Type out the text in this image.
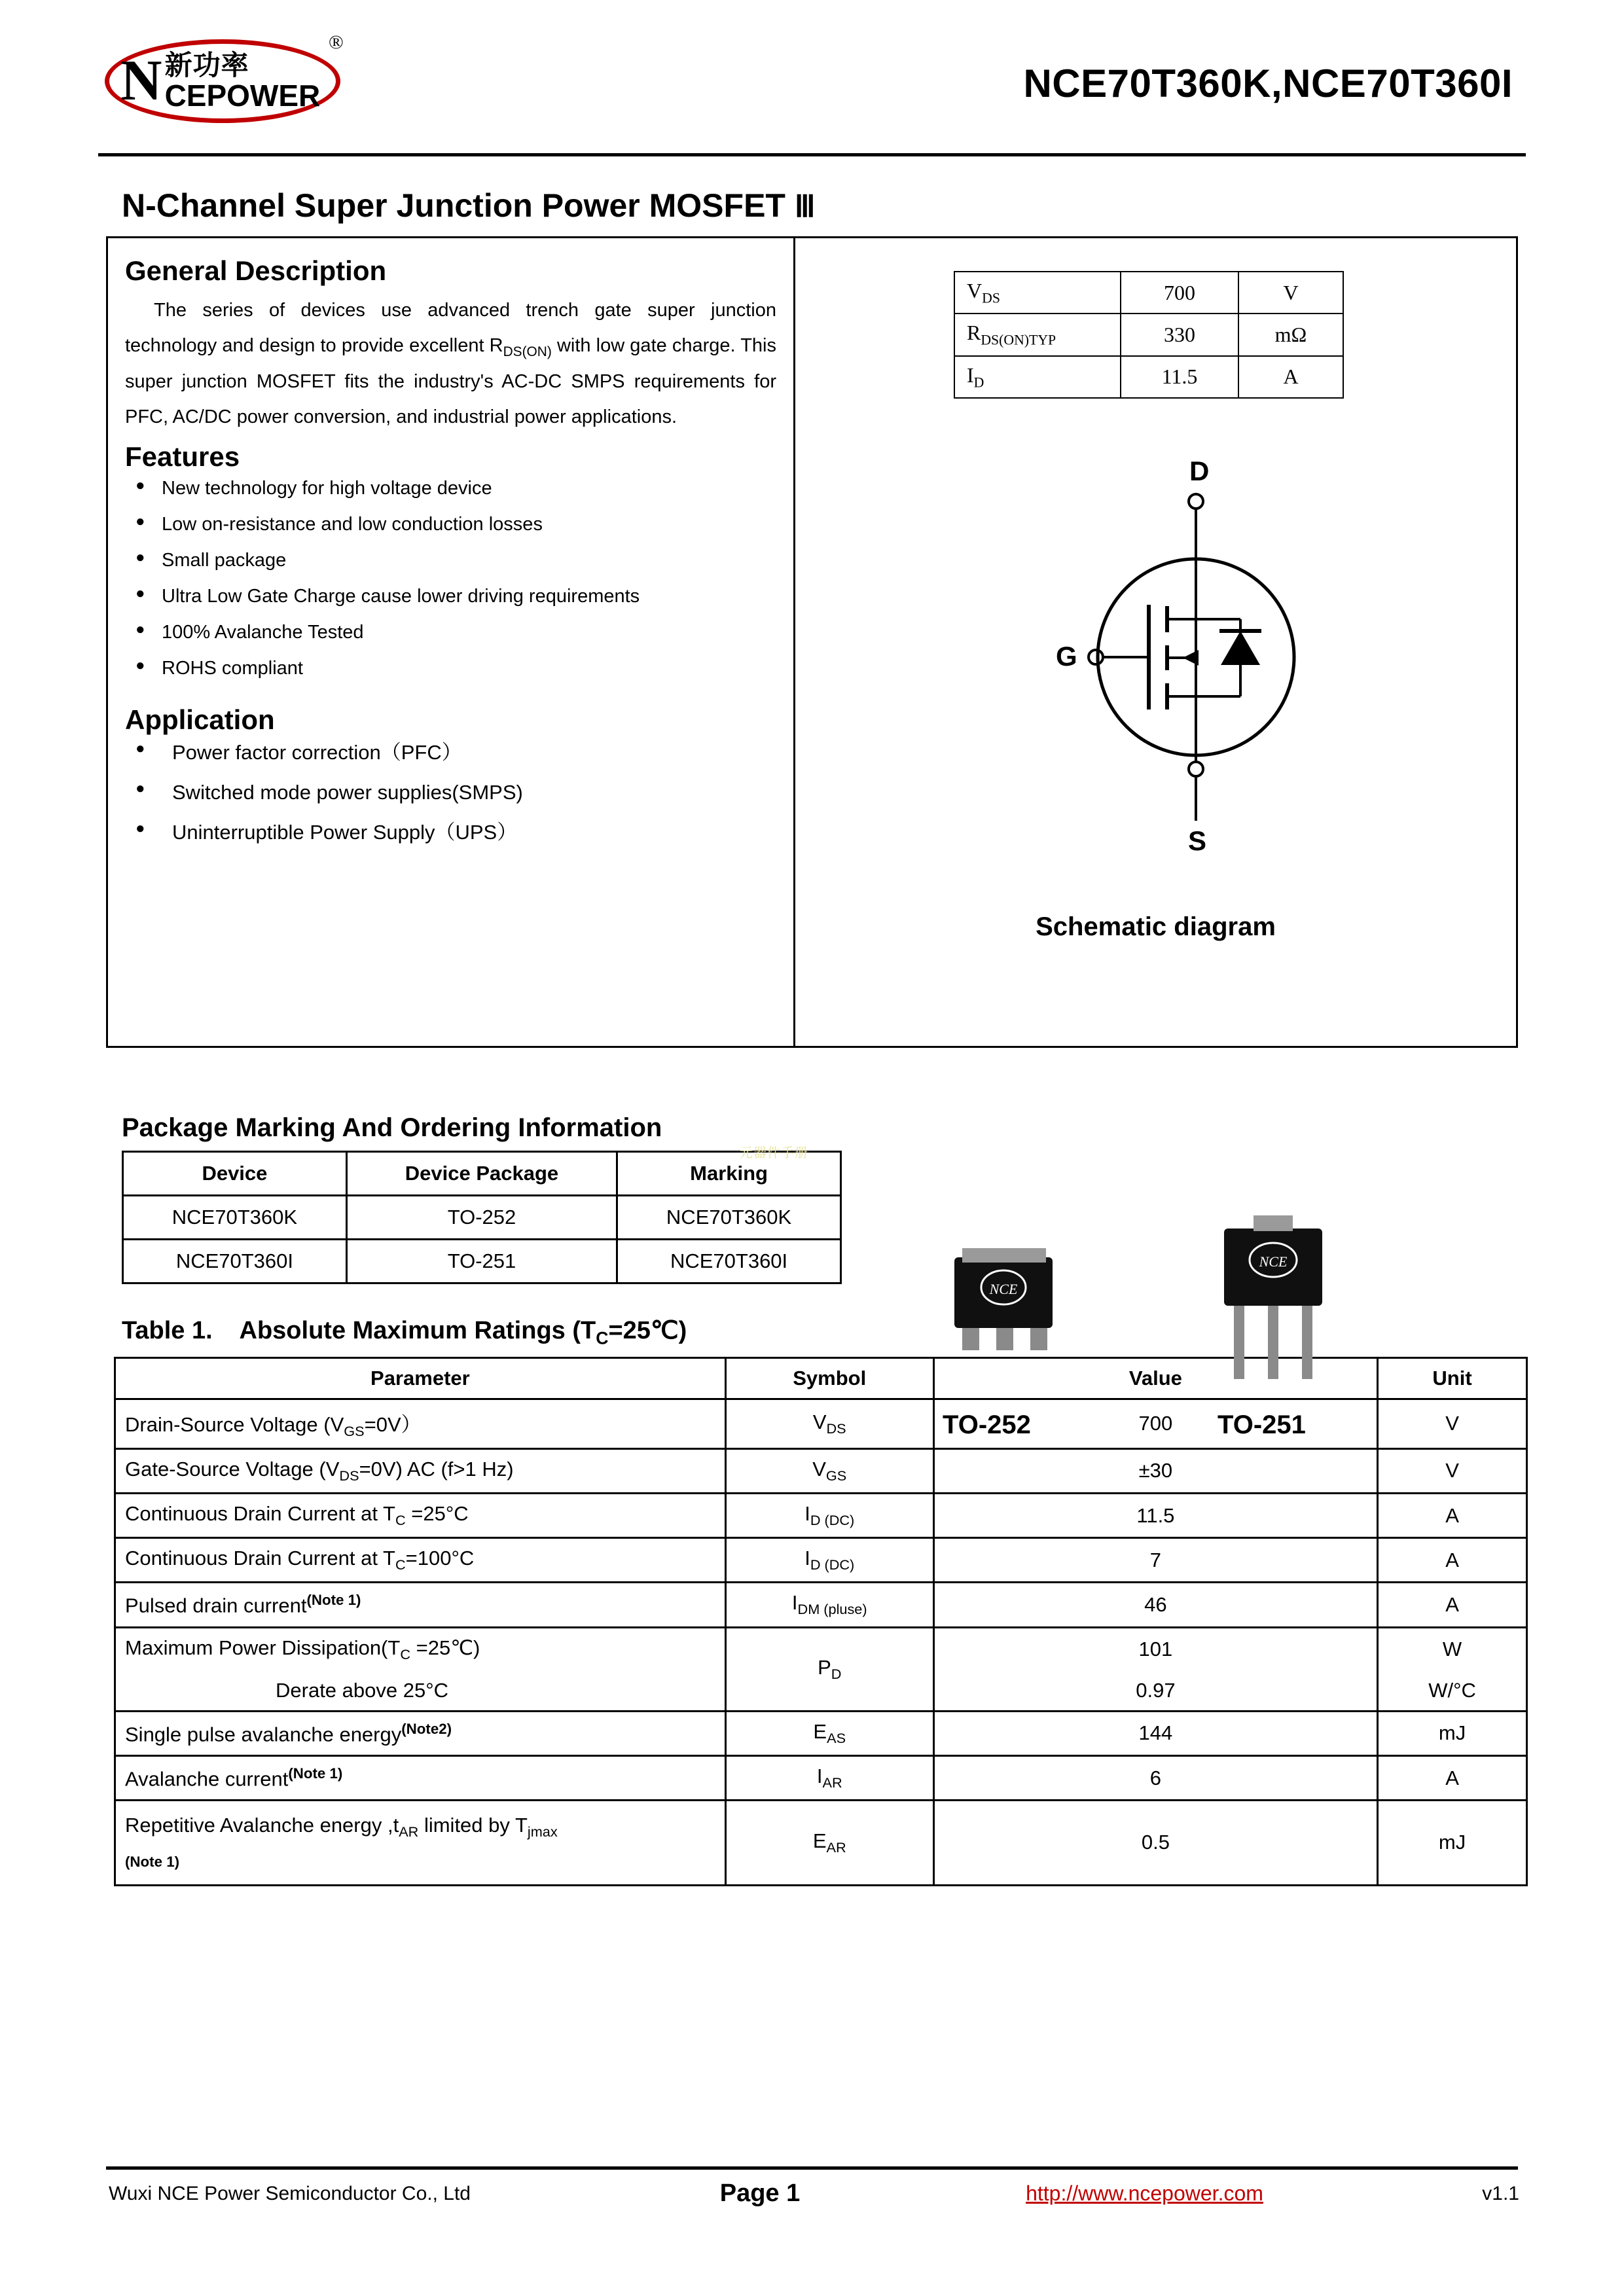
N 新功率
CEPOWER
®
NCE70T360K,NCE70T360I
N-Channel Super Junction Power MOSFET Ⅲ
General Description

The series of devices use advanced trench gate super junction technology and design to provide excellent $R_{DS(ON)}$ with low gate charge. This super junction MOSFET fits the industry's AC-DC SMPS requirements for PFC, AC/DC power conversion, and industrial power applications.

Features
● New technology for high voltage device
● Low on-resistance and low conduction losses
● Small package
● Ultra Low Gate Charge cause lower driving requirements
● 100% Avalanche Tested
● ROHS compliant
Application
● Power factor correction（PFC）
● Switched mode power supplies(SMPS)
● Uninterruptible Power Supply（UPS）
$V_{DS}$	700	V
$R_{DS(ON)TYP}$	330	mΩ
$I_D$	11.5	A
D
G
S
Schematic diagram
元器件手册
Package Marking And Ordering Information
Device	Device Package	Marking
NCE70T360K	TO-252	NCE70T360K
NCE70T360I	TO-251	NCE70T360I
NCE
NCE
TO-252	TO-251
Table 1. Absolute Maximum Ratings $(T_C=25℃)$
Parameter	Symbol	Value	Unit
Drain-Source Voltage $(V_{GS}=0V)$	$V_{DS}$	700	V
Gate-Source Voltage $(V_{DS}=0V)$ AC (f>1 Hz)	$V_{GS}$	±30	V
Continuous Drain Current at $T_C =25^\circ C$	$I_{D (DC)}$	11.5	A
Continuous Drain Current at $T_C=100^\circ C$	$I_{D (DC)}$	7	A
Pulsed drain current$^{(Note 1)}$	$I_{DM (pluse)}$	46	A
Maximum Power $Dissipation(T_C$ =25℃)	$P_D$	101	W
Derate above 25°C		0.97	W/°C
Single pulse avalanche energy$^{(Note2)}$	$E_{AS}$	144	mJ
Avalanche current$^{(Note 1)}$	$I_{AR}$	6	A
Repetitive Avalanche energy $,t_{AR}$ limited by $T_{jmax}$
(Note 1)	$E_{AR}$	0.5	mJ
Wuxi NCE Power Semiconductor Co., Ltd	Page 1	http://www.ncepower.com	v1.1
